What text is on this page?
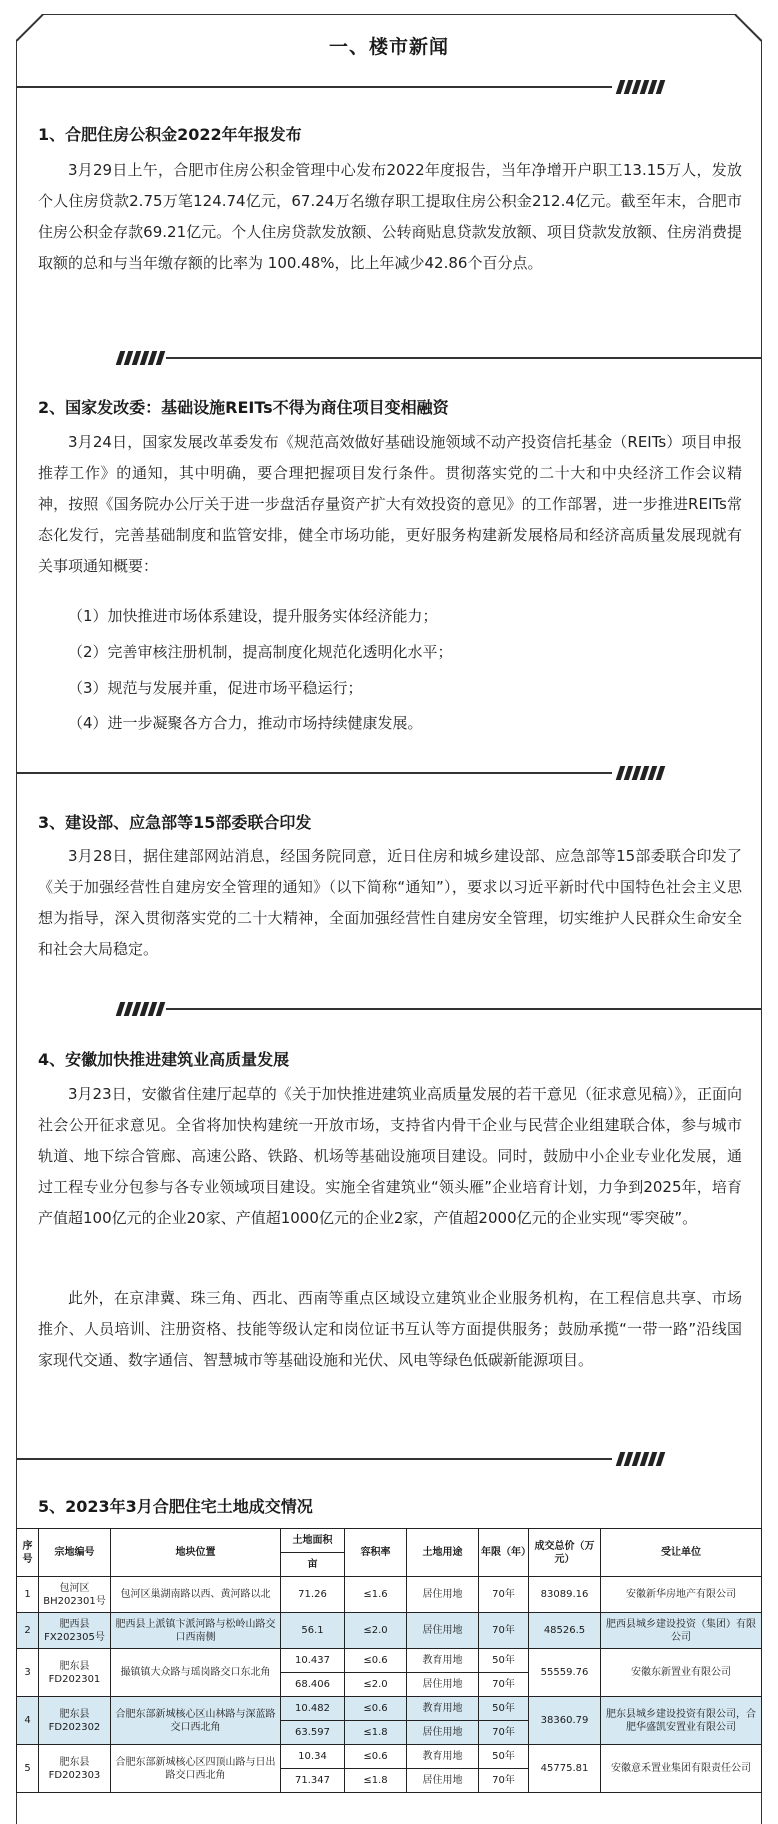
一、楼市新闻
1、合肥住房公积金2022年年报发布
3月29日上午，合肥市住房公积金管理中心发布2022年度报告，当年净增开户职工13.15万人，发放个人住房贷款2.75万笔124.74亿元，67.24万名缴存职工提取住房公积金212.4亿元。截至年末，合肥市住房公积金存款69.21亿元。个人住房贷款发放额、公转商贴息贷款发放额、项目贷款发放额、住房消费提取额的总和与当年缴存额的比率为 100.48%，比上年减少42.86个百分点。
2、国家发改委：基础设施REITs不得为商住项目变相融资
3月24日，国家发展改革委发布《规范高效做好基础设施领域不动产投资信托基金（REITs）项目申报推荐工作》的通知，其中明确，要合理把握项目发行条件。贯彻落实党的二十大和中央经济工作会议精神，按照《国务院办公厅关于进一步盘活存量资产扩大有效投资的意见》的工作部署，进一步推进REITs常态化发行，完善基础制度和监管安排，健全市场功能，更好服务构建新发展格局和经济高质量发展现就有关事项通知概要：
（1）加快推进市场体系建设，提升服务实体经济能力；
（2）完善审核注册机制，提高制度化规范化透明化水平；
（3）规范与发展并重，促进市场平稳运行；
（4）进一步凝聚各方合力，推动市场持续健康发展。
3、建设部、应急部等15部委联合印发
3月28日，据住建部网站消息，经国务院同意，近日住房和城乡建设部、应急部等15部委联合印发了《关于加强经营性自建房安全管理的通知》（以下简称“通知”），要求以习近平新时代中国特色社会主义思想为指导，深入贯彻落实党的二十大精神，全面加强经营性自建房安全管理，切实维护人民群众生命安全和社会大局稳定。
4、安徽加快推进建筑业高质量发展
3月23日，安徽省住建厅起草的《关于加快推进建筑业高质量发展的若干意见（征求意见稿）》，正面向社会公开征求意见。全省将加快构建统一开放市场，支持省内骨干企业与民营企业组建联合体，参与城市轨道、地下综合管廊、高速公路、铁路、机场等基础设施项目建设。同时，鼓励中小企业专业化发展，通过工程专业分包参与各专业领域项目建设。实施全省建筑业“领头雁”企业培育计划，力争到2025年，培育产值超100亿元的企业20家、产值超1000亿元的企业2家，产值超2000亿元的企业实现“零突破”。
此外，在京津冀、珠三角、西北、西南等重点区域设立建筑业企业服务机构，在工程信息共享、市场推介、人员培训、注册资格、技能等级认定和岗位证书互认等方面提供服务；鼓励承揽“一带一路”沿线国家现代交通、数字通信、智慧城市等基础设施和光伏、风电等绿色低碳新能源项目。
5、2023年3月合肥住宅土地成交情况
序号	宗地编号	地块位置	土地面积	容积率	土地用途	年限（年）	成交总价（万元）	受让单位
			亩					
1	包河区 BH202301号	包河区巢湖南路以西、黄河路以北	71.26	≤1.6	居住用地	70年	83089.16	安徽新华房地产有限公司
2	肥西县 FX202305号	肥西县上派镇卞派河路与松岭山路交口西南侧	56.1	≤2.0	居住用地	70年	48526.5	肥西县城乡建设投资（集团）有限公司
3	肥东县 FD202301	撮镇镇大众路与瑶岗路交口东北角	10.437	≤0.6	教育用地	50年	55559.76	安徽东新置业有限公司
			68.406	≤2.0	居住用地	70年		
4	肥东县 FD202302	合肥东部新城核心区山林路与深蓝路交口西北角	10.482	≤0.6	教育用地	50年	38360.79	肥东县城乡建设投资有限公司，合肥华盛凯安置业有限公司
			63.597	≤1.8	居住用地	70年		
5	肥东县 FD202303	合肥东部新城核心区四顶山路与日出路交口西北角	10.34	≤0.6	教育用地	50年	45775.81	安徽意禾置业集团有限责任公司
			71.347	≤1.8	居住用地	70年		
